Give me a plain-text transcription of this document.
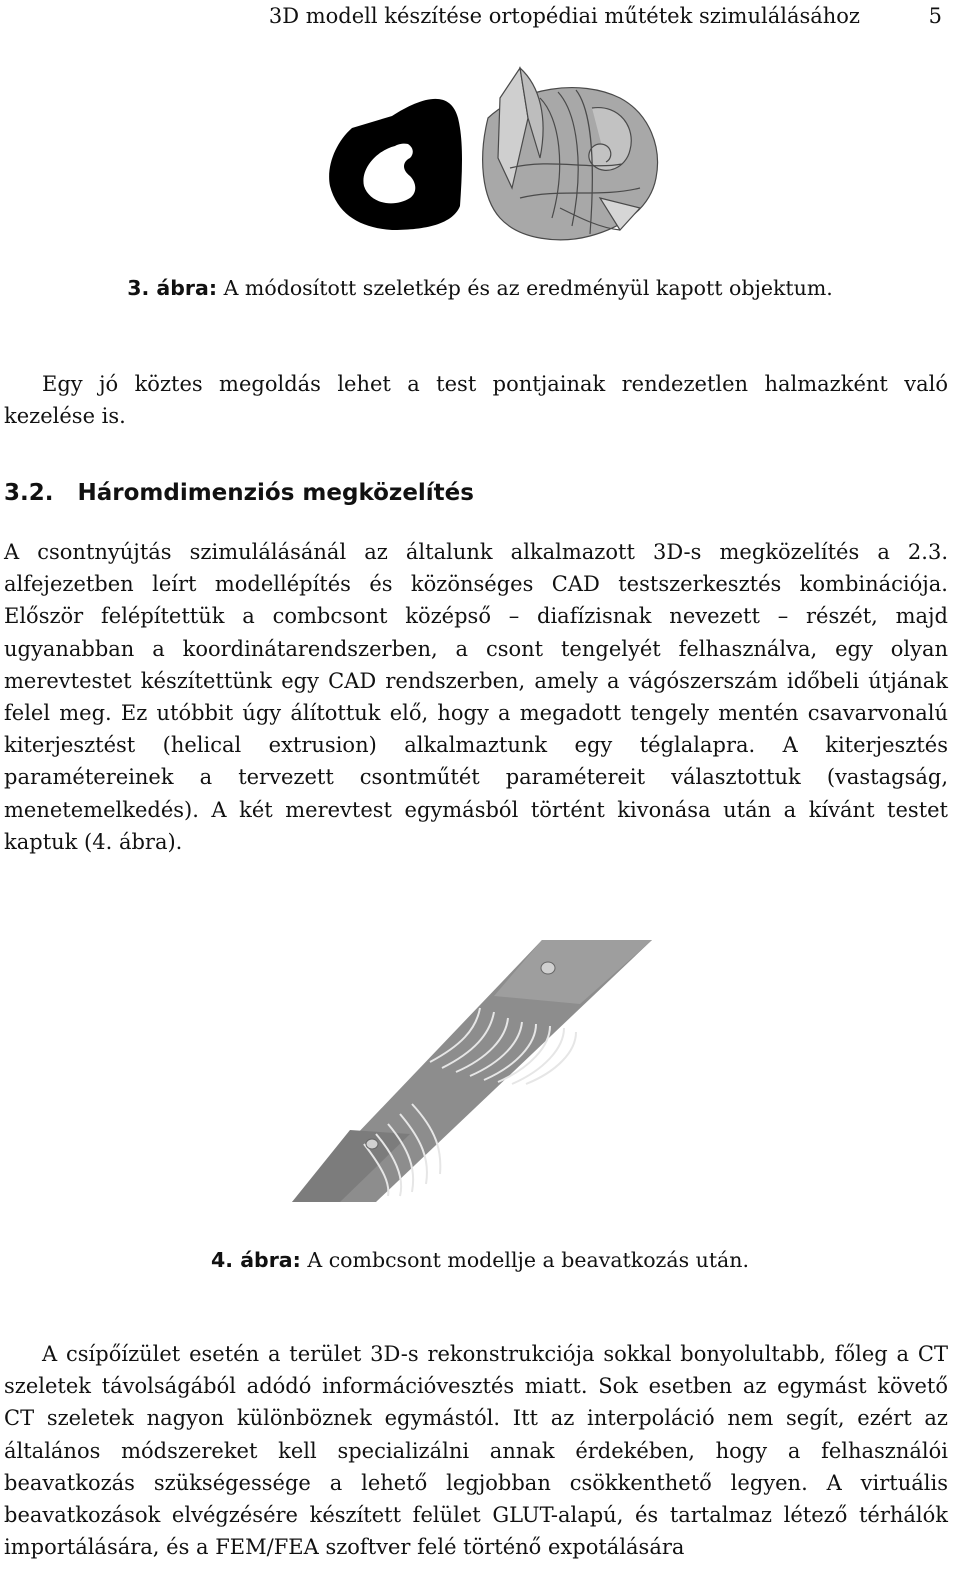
3D modell készítése ortopédiai műtétek szimulálásához	5
3. ábra: A módosított szeletkép és az eredményül kapott objektum.

Egy jó köztes megoldás lehet a test pontjainak rendezetlen halmazként való kezelése is.

3.2. Háromdimenziós megközelítés

A csontnyújtás szimulálásánál az általunk alkalmazott 3D-s megközelítés a 2.3. alfejezetben leírt modellépítés és közönséges CAD testszerkesztés kombinációja. Először felépítettük a combcsont középső – diafízisnak nevezett – részét, majd ugyanabban a koordinátarendszerben, a csont tengelyét felhasználva, egy olyan merevtestet készítettünk egy CAD rendszerben, amely a vágószerszám időbeli útjának felel meg. Ez utóbbit úgy álítottuk elő, hogy a megadott tengely mentén csavarvonalú kiterjesztést (helical extrusion) alkalmaztunk egy téglalapra. A kiterjesztés paramétereinek a tervezett csontműtét paramétereit választottuk (vastagság, menetemelkedés). A két merevtest egymásból történt kivonása után a kívánt testet kaptuk (4. ábra).

4. ábra: A combcsont modellje a beavatkozás után.

A csípőízület esetén a terület 3D-s rekonstrukciója sokkal bonyolultabb, főleg a CT szeletek távolságából adódó információvesztés miatt. Sok esetben az egymást követő CT szeletek nagyon különböznek egymástól. Itt az interpoláció nem segít, ezért az általános módszereket kell specializálni annak érdekében, hogy a felhasználói beavatkozás szükségessége a lehető legjobban csökkenthető legyen. A virtuális beavatkozások elvégzésére készített felület GLUT-alapú, és tartalmaz létező térhálók importálására, és a FEM/FEA szoftver felé történő expotálására
